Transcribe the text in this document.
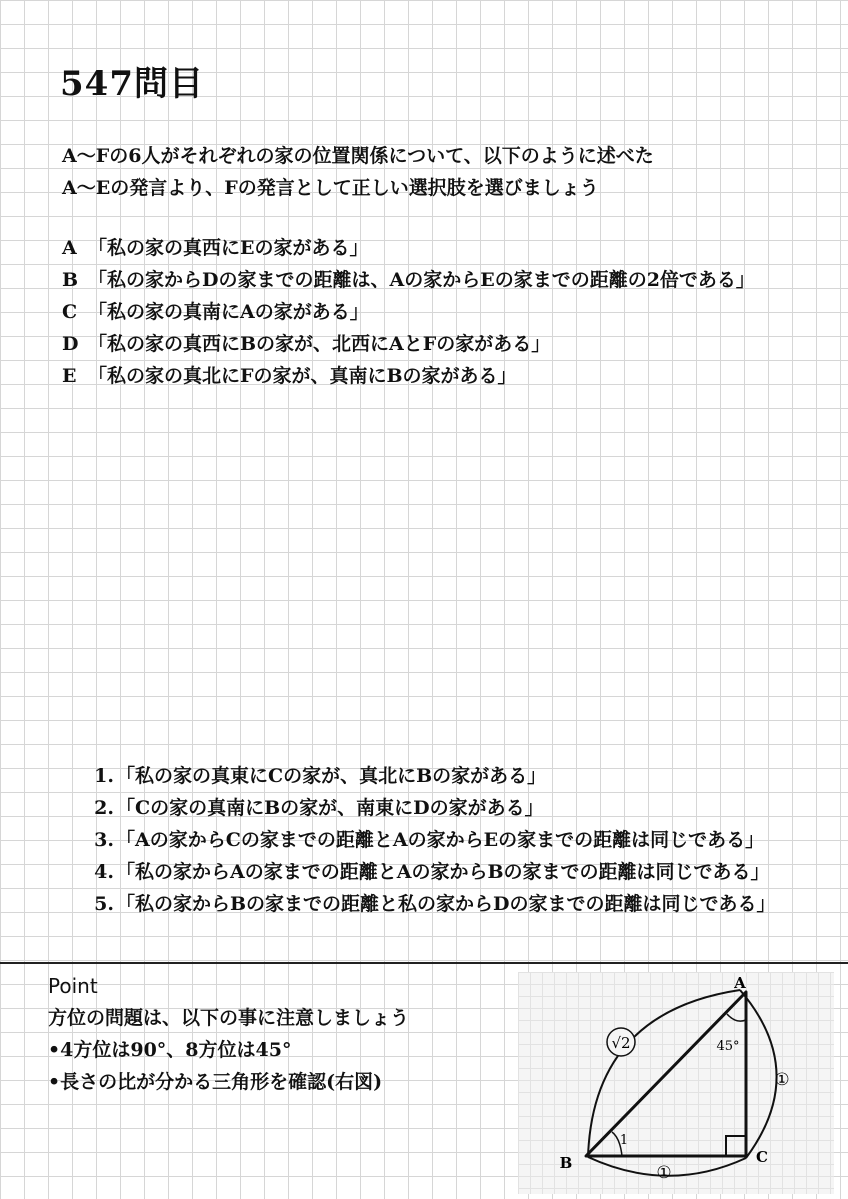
547問目
A〜Fの6人がそれぞれの家の位置関係について、以下のように述べた
A〜Eの発言より、Fの発言として正しい選択肢を選びましょう
A 「私の家の真西にEの家がある」
B 「私の家からDの家までの距離は、Aの家からEの家までの距離の2倍である」
C 「私の家の真南にAの家がある」
D 「私の家の真西にBの家が、北西にAとFの家がある」
E 「私の家の真北にFの家が、真南にBの家がある」
1. 「私の家の真東にCの家が、真北にBの家がある」
2. 「Cの家の真南にBの家が、南東にDの家がある」
3. 「Aの家からCの家までの距離とAの家からEの家までの距離は同じである」
4. 「私の家からAの家までの距離とAの家からBの家までの距離は同じである」
5. 「私の家からBの家までの距離と私の家からDの家までの距離は同じである」
Point
方位の問題は、以下の事に注意しましょう
•4方位は90°、8方位は45°
•長さの比が分かる三角形を確認(右図)
√2
A
B	C
45°
1
①
①
